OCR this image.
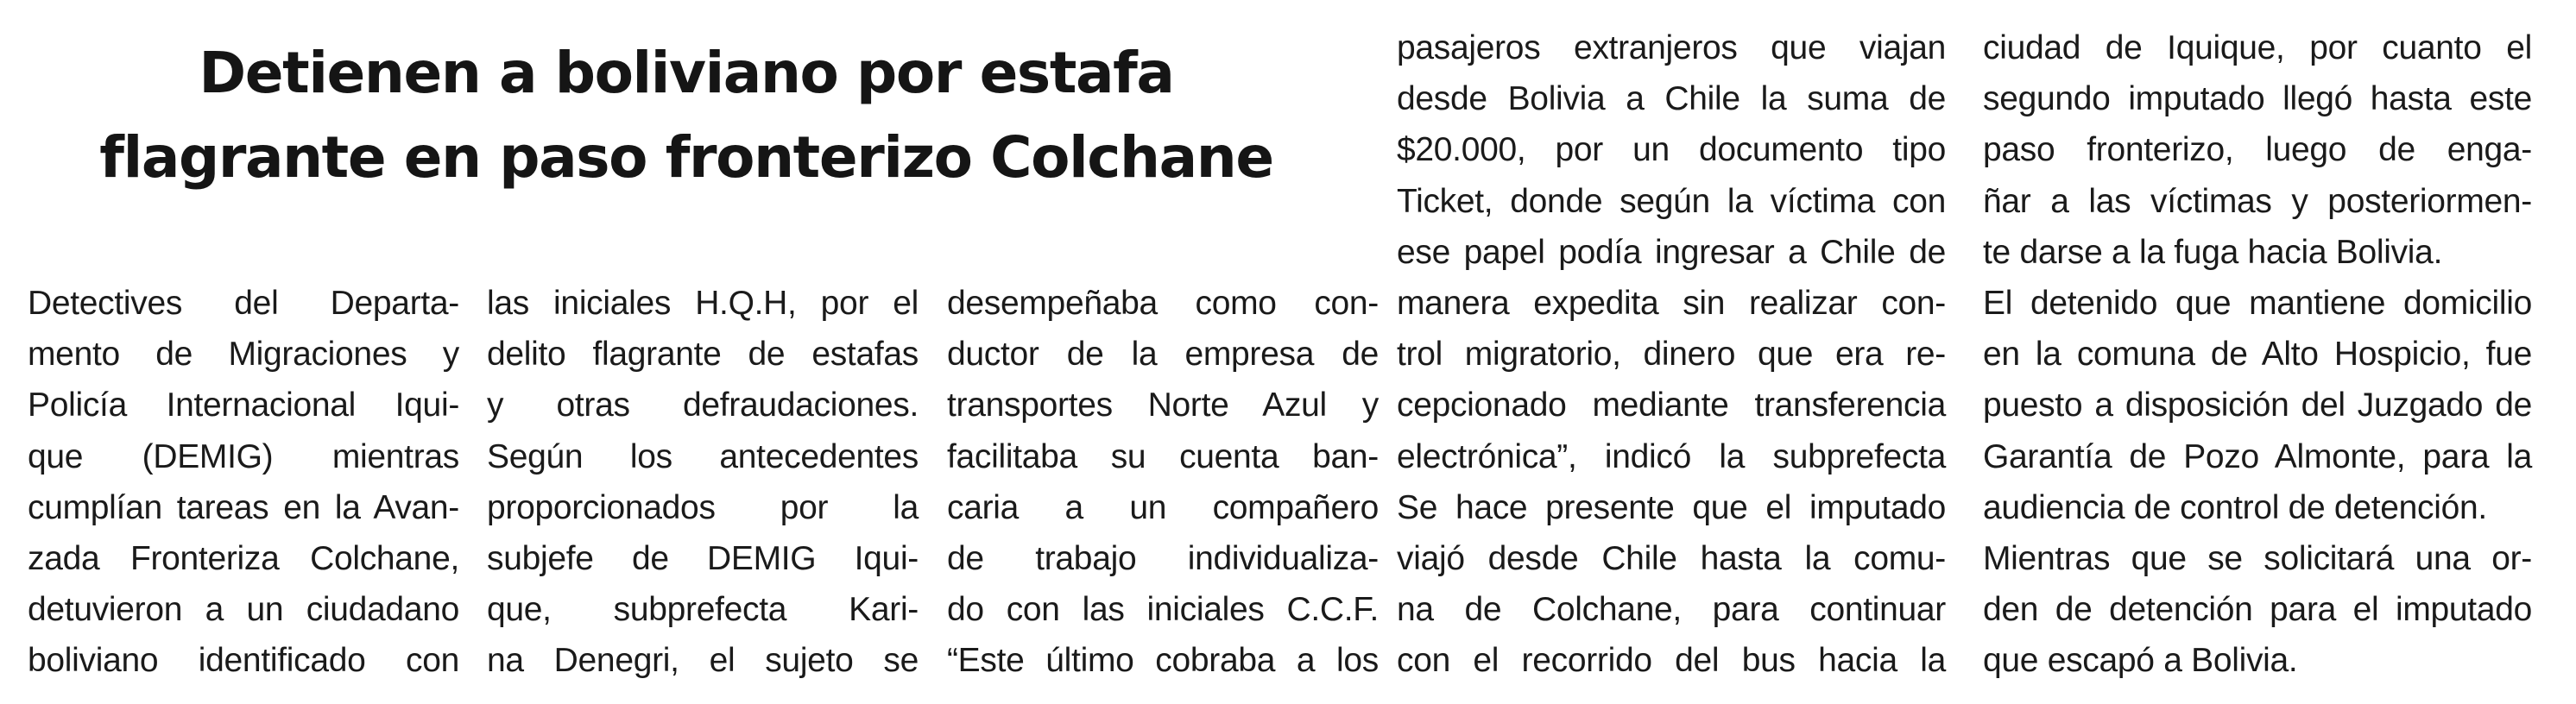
Detienen a boliviano por estafa
flagrante en paso fronterizo Colchane

Detectives del Departa-

mento de Migraciones y

Policía Internacional Iqui-

que (DEMIG) mientras

cumplían tareas en la Avan-

zada Fronteriza Colchane,

detuvieron a un ciudadano

boliviano identificado con

las iniciales H.Q.H, por el

delito flagrante de estafas

y otras defraudaciones.

Según los antecedentes

proporcionados por la

subjefe de DEMIG Iqui-

que, subprefecta Kari-

na Denegri, el sujeto se

desempeñaba como con-

ductor de la empresa de

transportes Norte Azul y

facilitaba su cuenta ban-

caria a un compañero

de trabajo individualiza-

do con las iniciales C.C.F.

“Este último cobraba a los

pasajeros extranjeros que viajan

desde Bolivia a Chile la suma de

$20.000, por un documento tipo

Ticket, donde según la víctima con

ese papel podía ingresar a Chile de

manera expedita sin realizar con-

trol migratorio, dinero que era re-

cepcionado mediante transferencia

electrónica”, indicó la subprefecta

Se hace presente que el imputado

viajó desde Chile hasta la comu-

na de Colchane, para continuar

con el recorrido del bus hacia la

ciudad de Iquique, por cuanto el

segundo imputado llegó hasta este

paso fronterizo, luego de enga-

ñar a las víctimas y posteriormen-

te darse a la fuga hacia Bolivia.

El detenido que mantiene domicilio

en la comuna de Alto Hospicio, fue

puesto a disposición del Juzgado de

Garantía de Pozo Almonte, para la

audiencia de control de detención.

Mientras que se solicitará una or-

den de detención para el imputado

que escapó a Bolivia.
